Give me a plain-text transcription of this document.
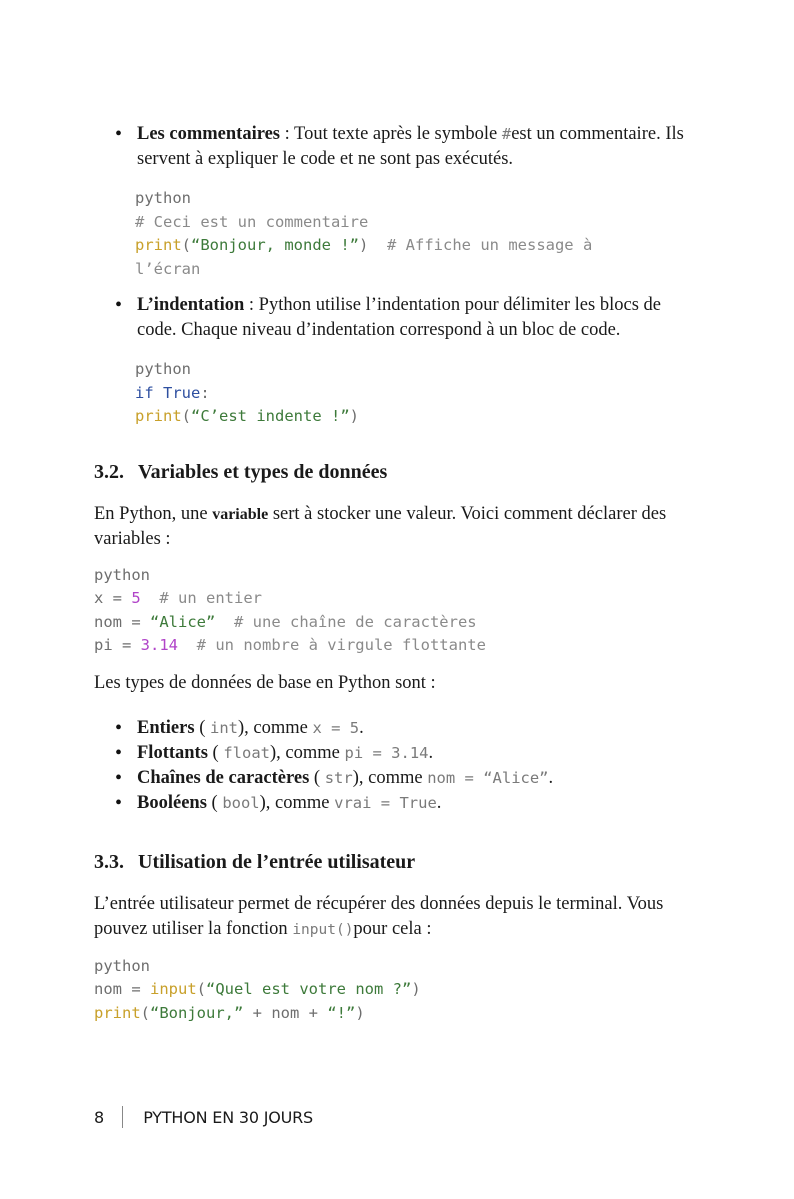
• Les commentaires : Tout texte après le symbole #est un commentaire. Ils servent à expliquer le code et ne sont pas exécutés.
python
# Ceci est un commentaire
print(“Bonjour, monde !”)  # Affiche un message à
l’écran
• L’indentation : Python utilise l’indentation pour délimiter les blocs de code. Chaque niveau d’indentation correspond à un bloc de code.
python
if True:
print(“C’est indente !”)
3.2. Variables et types de données

En Python, une variable sert à stocker une valeur. Voici comment déclarer des variables :

python
x = 5  # un entier
nom = “Alice”  # une chaîne de caractères
pi = 3.14  # un nombre à virgule flottante

Les types de données de base en Python sont :

• Entiers ( int), comme x = 5.
• Flottants ( float), comme pi = 3.14.
• Chaînes de caractères ( str), comme nom = “Alice”.
• Booléens ( bool), comme vrai = True.
3.3. Utilisation de l’entrée utilisateur

L’entrée utilisateur permet de récupérer des données depuis le terminal. Vous pouvez utiliser la fonction input()pour cela :

python
nom = input(“Quel est votre nom ?”)
print(“Bonjour,” + nom + “!”)
8 PYTHON EN 30 JOURS
